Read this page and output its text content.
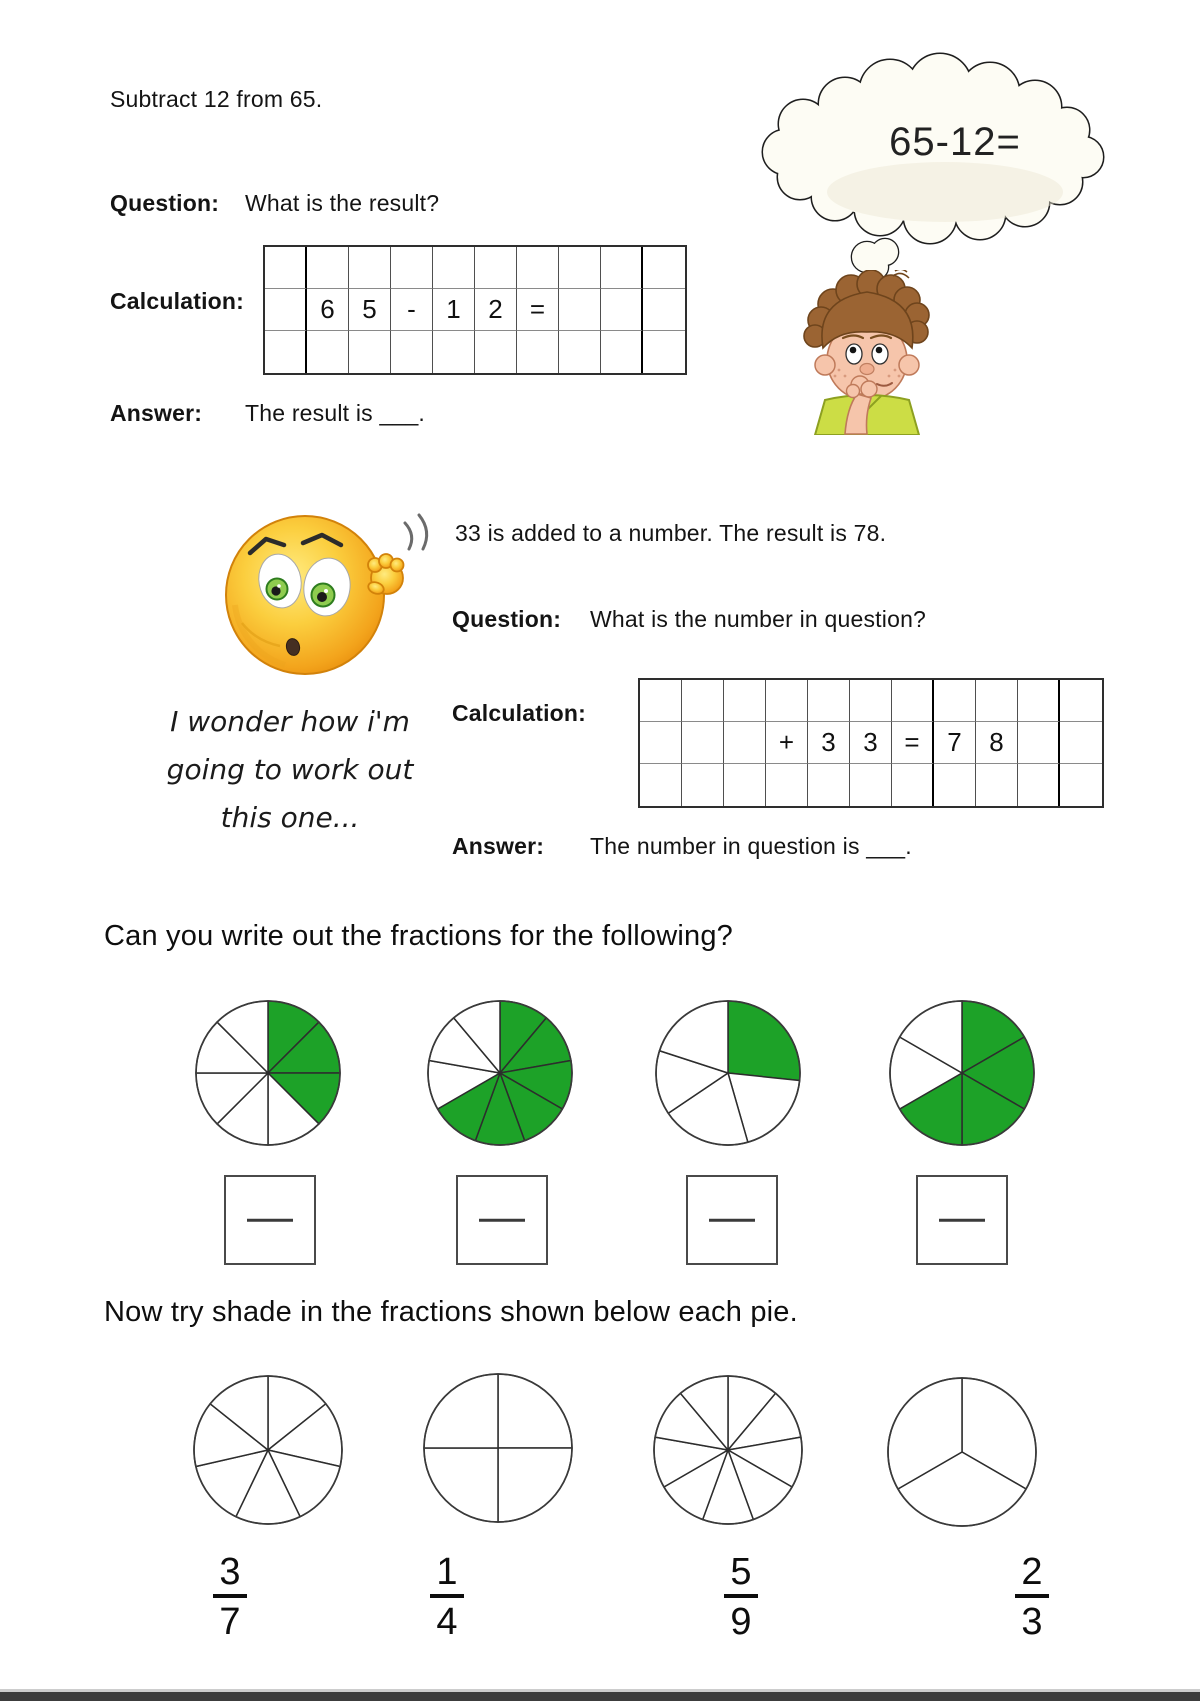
Subtract 12 from 65.
Question: What is the result?
Calculation:	6	5	-	1	2	=
Answer: The result is ___.
65-12=
I wonder how i'm
going to work out
this one...
33 is added to a number. The result is 78.
Question: What is the number in question?
Calculation:
+	3	3	=	7	8
Answer: The number in question is ___.
Can you write out the fractions for the following?
Now try shade in the fractions shown below each pie.
3
7
1
4
5
9
2
3
